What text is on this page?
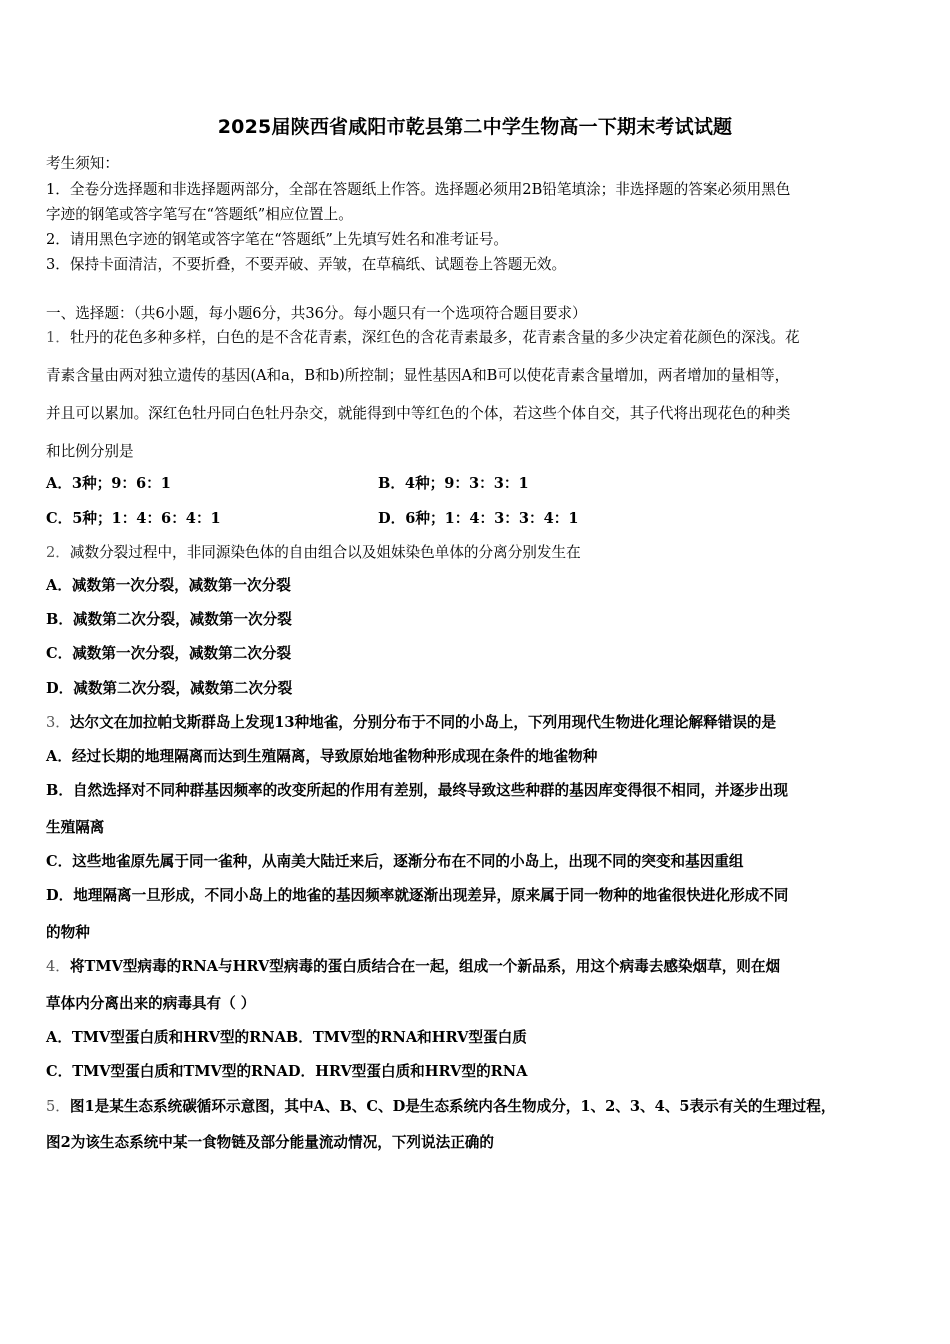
2025届陕西省咸阳市乾县第二中学生物高一下期末考试试题
考生须知：
1．全卷分选择题和非选择题两部分，全部在答题纸上作答。选择题必须用2B铅笔填涂；非选择题的答案必须用黑色
字迹的钢笔或答字笔写在“答题纸”相应位置上。
2．请用黑色字迹的钢笔或答字笔在“答题纸”上先填写姓名和准考证号。
3．保持卡面清洁，不要折叠，不要弄破、弄皱，在草稿纸、试题卷上答题无效。
一、选择题：（共6小题，每小题6分，共36分。每小题只有一个选项符合题目要求）
1．牡丹的花色多种多样，白色的是不含花青素，深红色的含花青素最多，花青素含量的多少决定着花颜色的深浅。花
青素含量由两对独立遗传的基因(A和a，B和b)所控制；显性基因A和B可以使花青素含量增加，两者增加的量相等，
并且可以累加。深红色牡丹同白色牡丹杂交，就能得到中等红色的个体，若这些个体自交，其子代将出现花色的种类
和比例分别是
A．3种；9：6：1	B．4种；9：3：3：1
C．5种；1：4：6：4：1	D．6种；1：4：3：3：4：1
2．减数分裂过程中，非同源染色体的自由组合以及姐妹染色单体的分离分别发生在
A．减数第一次分裂，减数第一次分裂
B．减数第二次分裂，减数第一次分裂
C．减数第一次分裂，减数第二次分裂
D．减数第二次分裂，减数第二次分裂
3．达尔文在加拉帕戈斯群岛上发现13种地雀，分别分布于不同的小岛上，下列用现代生物进化理论解释错误的是
A．经过长期的地理隔离而达到生殖隔离，导致原始地雀物种形成现在条件的地雀物种
B．自然选择对不同种群基因频率的改变所起的作用有差别，最终导致这些种群的基因库变得很不相同，并逐步出现
生殖隔离
C．这些地雀原先属于同一雀种，从南美大陆迁来后，逐渐分布在不同的小岛上，出现不同的突变和基因重组
D．地理隔离一旦形成，不同小岛上的地雀的基因频率就逐渐出现差异，原来属于同一物种的地雀很快进化形成不同
的物种
4．将TMV型病毒的RNA与HRV型病毒的蛋白质结合在一起，组成一个新品系，用这个病毒去感染烟草，则在烟
草体内分离出来的病毒具有（ ）
A．TMV型蛋白质和HRV型的RNAB．TMV型的RNA和HRV型蛋白质
C．TMV型蛋白质和TMV型的RNAD．HRV型蛋白质和HRV型的RNA
5．图1是某生态系统碳循环示意图，其中A、B、C、D是生态系统内各生物成分，1、2、3、4、5表示有关的生理过程，
图2为该生态系统中某一食物链及部分能量流动情况，下列说法正确的
